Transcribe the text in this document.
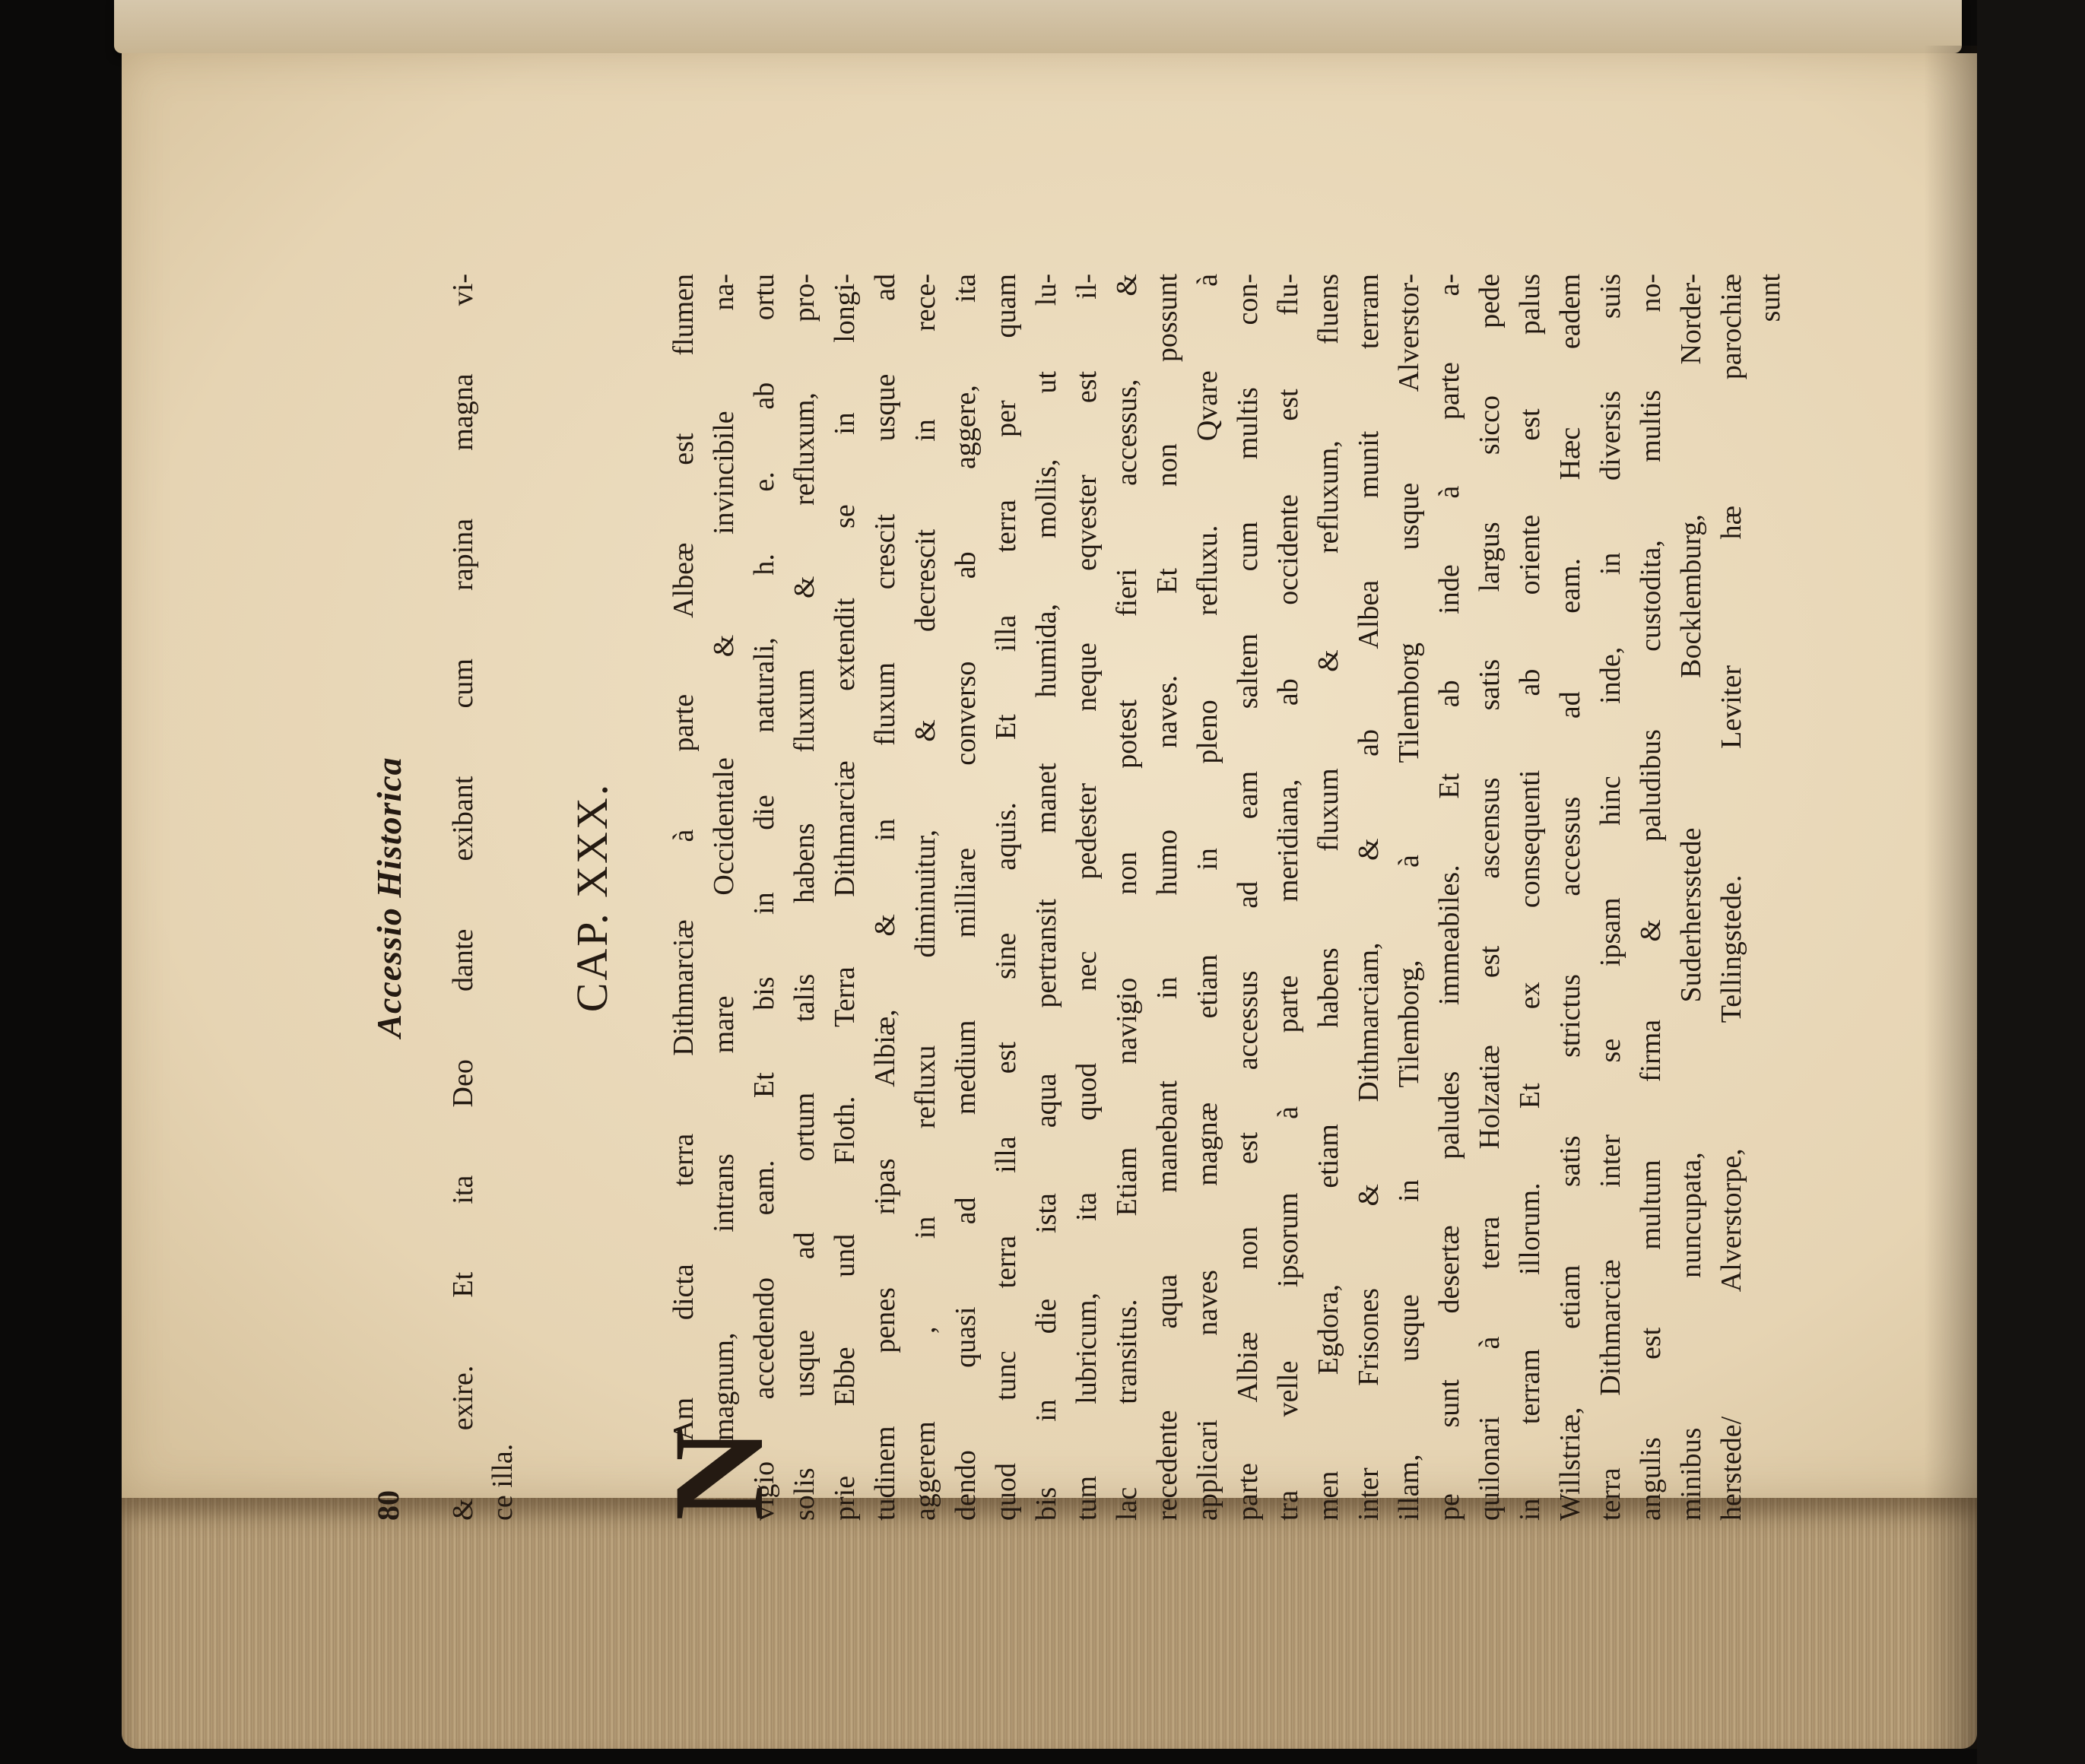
80
Accessio Historica & exire. Et ita Deo dante exibant cum rapina magna vi- ce illa.
CAP. XXX.
N
Am dicta terra Dithmarciæ à parte Albeæ est flumen magnum, intrans mare Occidentale & invincibile na- vigio accedendo eam. Et bis in die naturali, h. e. ab ortu solis usque ad ortum talis habens fluxum & refluxum, pro- prie Ebbe und Floth. Terra Dithmarciæ extendit se in longi- tudinem penes ripas Albiæ, & in fluxum crescit usque ad aggerem , in refluxu diminuitur, & decrescit in rece- dendo quasi ad medium milliare converso ab aggere, ita quod tunc terra illa est sine aquis. Et illa terra per quam bis in die ista aqua pertransit manet humida, mollis, ut lu- tum lubricum, ita quod nec pedester neque eqvester est il- lac transitus. Etiam navigio non potest fieri accessus, & recedente aqua manebant in humo naves. Et non possunt applicari naves magnæ etiam in pleno refluxu. Qvare à parte Albiæ non est accessus ad eam saltem cum multis con- tra velle ipsorum à parte meridiana, ab occidente est flu- men Egdora, etiam habens fluxum & refluxum, fluens inter Frisones & Dithmarciam, & ab Albea munit terram illam, usque in Tilemborg, à Tilemborg usque Alverstor- pe sunt desertæ paludes immeabiles. Et ab inde à parte a- quilonari à terra Holzatiæ est ascensus satis largus sicco pede in terram illorum. Et ex consequenti ab oriente est palus Willstriæ, etiam satis strictus accessus ad eam. Hæc eadem terra Dithmarciæ inter se ipsam hinc inde, in diversis suis angulis est multum firma & paludibus custodita, multis no- minibus nuncupata, Suderhersstede Bocklemburg, Norder- herstede/ Alverstorpe, Tellingstede. Leviter hæ parochiæ sunt
